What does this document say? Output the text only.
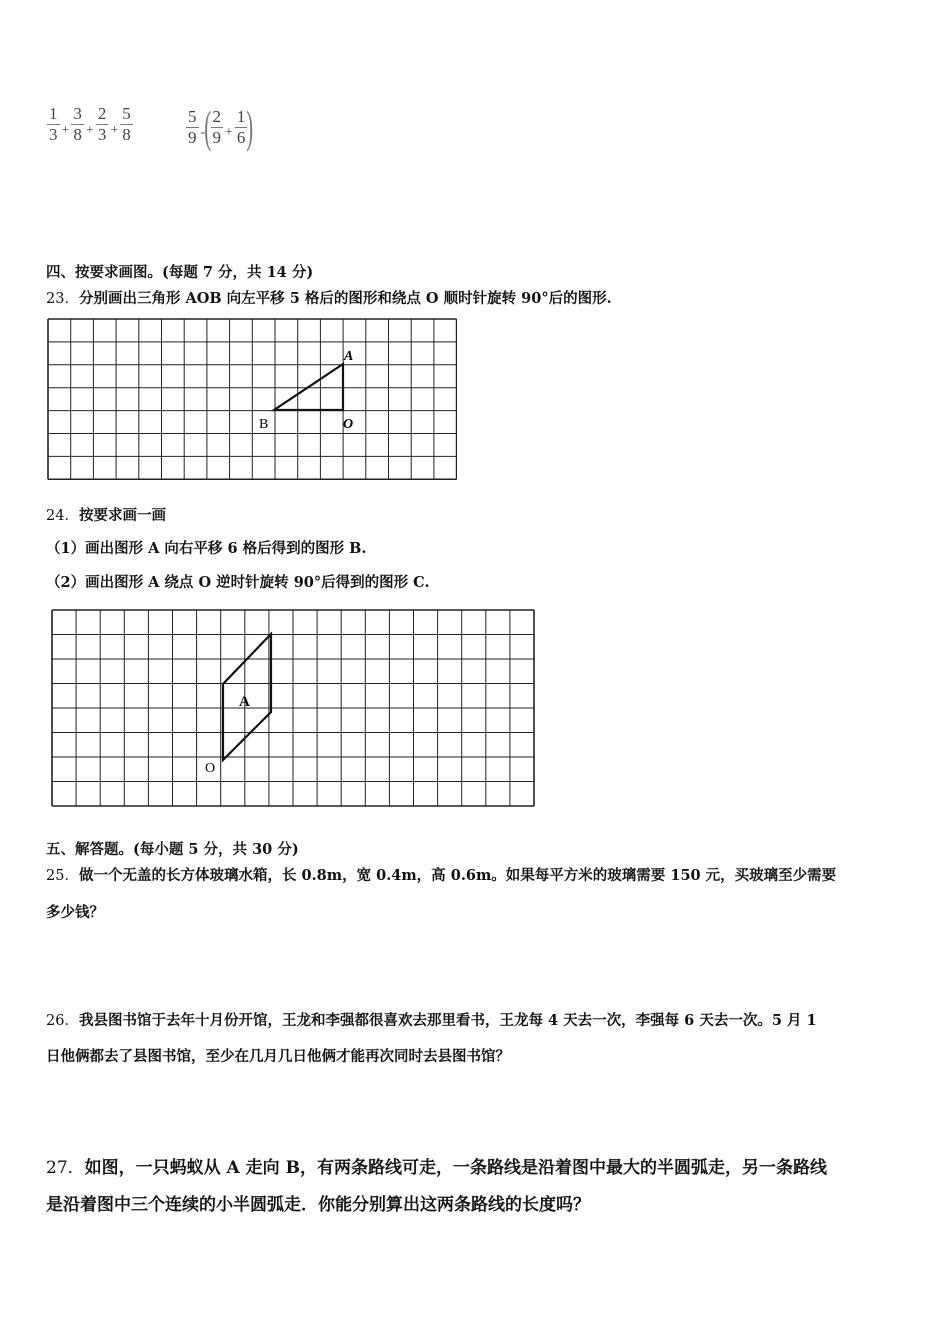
$\frac{1}{3} + \frac{3}{8} + \frac{2}{3} + \frac{5}{8}$	$\frac{5}{9}$ - ( $\frac{2}{9} + \frac{1}{6}$ )
四、按要求画图。(每题 7 分，共 14 分)
23．分别画出三角形 AOB 向左平移 5 格后的图形和绕点 O 顺时针旋转 90°后的图形.
A
B	O
24．按要求画一画
（1）画出图形 A 向右平移 6 格后得到的图形 B.
（2）画出图形 A 绕点 O 逆时针旋转 90°后得到的图形 C.
A
O
五、解答题。(每小题 5 分，共 30 分)
25．做一个无盖的长方体玻璃水箱，长 0.8m，宽 0.4m，高 0.6m。如果每平方米的玻璃需要 150 元，买玻璃至少需要
多少钱？
26．我县图书馆于去年十月份开馆，王龙和李强都很喜欢去那里看书，王龙每 4 天去一次，李强每 6 天去一次。5 月 1
日他俩都去了县图书馆，至少在几月几日他俩才能再次同时去县图书馆？
27．如图，一只蚂蚁从 A 走向 B，有两条路线可走，一条路线是沿着图中最大的半圆弧走，另一条路线
是沿着图中三个连续的小半圆弧走．你能分别算出这两条路线的长度吗？
